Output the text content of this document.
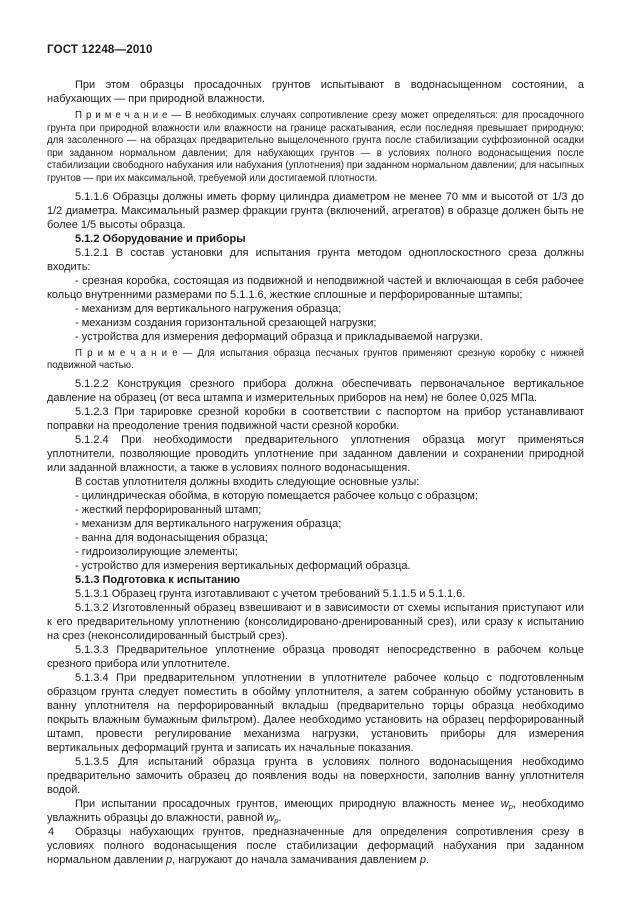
ГОСТ 12248—2010

При этом образцы просадочных грунтов испытывают в водонасыщенном состоянии, а набухающих — при природной влажности.

П р и м е ч а н и е — В необходимых случаях сопротивление срезу может определяться: для просадочного грунта при природной влажности или влажности на границе раскатывания, если последняя превышает природную; для засоленного — на образцах предварительно выщелоченного грунта после стабилизации суффозионной осадки при заданном нормальном давлении; для набухающих грунтов — в условиях полного водонасыщения после стабилизации свободного набухания или набухания (уплотнения) при заданном нормальном давлении; для насыпных грунтов — при их максимальной, требуемой или достигаемой плотности.

5.1.1.6 Образцы должны иметь форму цилиндра диаметром не менее 70 мм и высотой от 1/3 до 1/2 диаметра. Максимальный размер фракции грунта (включений, агрегатов) в образце должен быть не более 1/5 высоты образца.

5.1.2 Оборудование и приборы

5.1.2.1 В состав установки для испытания грунта методом одноплоскостного среза должны входить:

- срезная коробка, состоящая из подвижной и неподвижной частей и включающая в себя рабочее кольцо внутренними размерами по 5.1.1.6, жесткие сплошные и перфорированные штампы;

- механизм для вертикального нагружения образца;

- механизм создания горизонтальной срезающей нагрузки;

- устройства для измерения деформаций образца и прикладываемой нагрузки.

П р и м е ч а н и е — Для испытания образца песчаных грунтов применяют срезную коробку с нижней подвижной частью.

5.1.2.2 Конструкция срезного прибора должна обеспечивать первоначальное вертикальное давление на образец (от веса штампа и измерительных приборов на нем) не более 0,025 МПа.

5.1.2.3 При тарировке срезной коробки в соответствии с паспортом на прибор устанавливают поправки на преодоление трения подвижной части срезной коробки.

5.1.2.4 При необходимости предварительного уплотнения образца могут применяться уплотнители, позволяющие проводить уплотнение при заданном давлении и сохранении природной или заданной влажности, а также в условиях полного водонасыщения.

В состав уплотнителя должны входить следующие основные узлы:

- цилиндрическая обойма, в которую помещается рабочее кольцо с образцом;

- жесткий перфорированный штамп;

- механизм для вертикального нагружения образца;

- ванна для водонасыщения образца;

- гидроизолирующие элементы;

- устройство для измерения вертикальных деформаций образца.

5.1.3 Подготовка к испытанию

5.1.3.1 Образец грунта изготавливают с учетом требований 5.1.1.5 и 5.1.1.6.

5.1.3.2 Изготовленный образец взвешивают и в зависимости от схемы испытания приступают или к его предварительному уплотнению (консолидировано-дренированный срез), или сразу к испытанию на срез (неконсолидированный быстрый срез).

5.1.3.3 Предварительное уплотнение образца проводят непосредственно в рабочем кольце срезного прибора или уплотнителе.

5.1.3.4 При предварительном уплотнении в уплотнителе рабочее кольцо с подготовленным образцом грунта следует поместить в обойму уплотнителя, а затем собранную обойму установить в ванну уплотнителя на перфорированный вкладыш (предварительно торцы образца необходимо покрыть влажным бумажным фильтром). Далее необходимо установить на образец перфорированный штамп, провести регулирование механизма нагрузки, установить приборы для измерения вертикальных деформаций грунта и записать их начальные показания.

5.1.3.5 Для испытаний образца грунта в условиях полного водонасыщения необходимо предварительно замочить образец до появления воды на поверхности, заполнив ванну уплотнителя водой.

При испытании просадочных грунтов, имеющих природную влажность менее $w_p$, необходимо увлажнить образцы до влажности, равной $w_p$.

Образцы набухающих грунтов, предназначенные для определения сопротивления срезу в условиях полного водонасыщения после стабилизации деформаций набухания при заданном нормальном давлении p, нагружают до начала замачивания давлением p.

4
